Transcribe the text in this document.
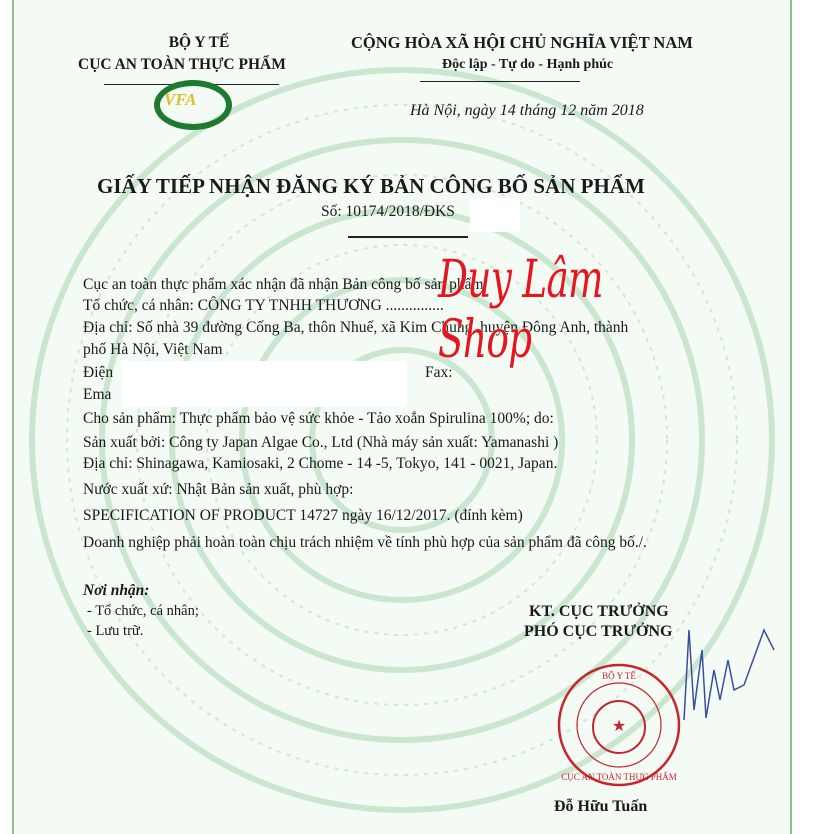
BỘ Y TẾ
CỤC AN TOÀN THỰC PHẨM
VFA
CỘNG HÒA XÃ HỘI CHỦ NGHĨA VIỆT NAM
Độc lập - Tự do - Hạnh phúc
Hà Nội, ngày 14 tháng 12 năm 2018
GIẤY TIẾP NHẬN ĐĂNG KÝ BẢN CÔNG BỐ SẢN PHẨM
Số: 10174/2018/ĐKS
Cục an toàn thực phẩm xác nhận đã nhận Bản công bố sản phẩm
Tổ chức, cá nhân: CÔNG TY TNHH THƯƠNG ...............
Địa chỉ: Số nhà 39 đường Cống Ba, thôn Nhuế, xã Kim Chung, huyện Đông Anh, thành
phố Hà Nội, Việt Nam
Điện	Fax:
Ema
Cho sản phẩm: Thực phẩm bảo vệ sức khỏe - Tảo xoắn Spirulina 100%; do:
Sản xuất bởi: Công ty Japan Algae Co., Ltd (Nhà máy sản xuất: Yamanashi )
Địa chỉ: Shinagawa, Kamiosaki, 2 Chome - 14 -5, Tokyo, 141 - 0021, Japan.
Nước xuất xứ: Nhật Bản sản xuất, phù hợp:
SPECIFICATION OF PRODUCT 14727 ngày 16/12/2017. (đính kèm)
Doanh nghiệp phải hoàn toàn chịu trách nhiệm về tính phù hợp của sản phẩm đã công bố./.
Nơi nhận:
- Tổ chức, cá nhân;
- Lưu trữ.
KT. CỤC TRƯỞNG
PHÓ CỤC TRƯỞNG
BỘ Y TẾ
CỤC AN TOÀN THỰC PHẨM
★
Đỗ Hữu Tuấn
Duy Lâm Shop
